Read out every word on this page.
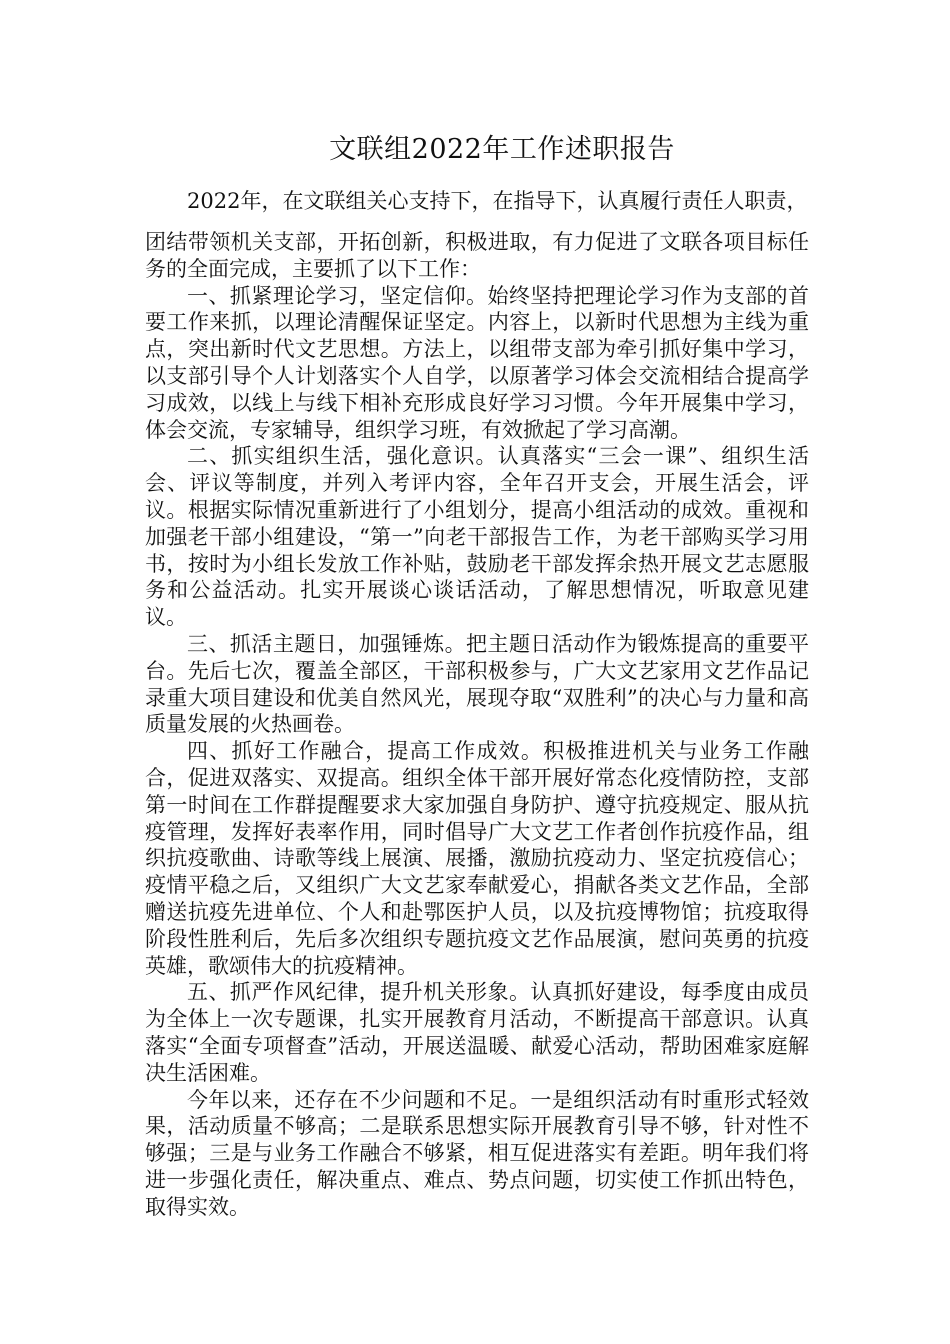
文联组2022年工作述职报告

2022年，在文联组关心支持下，在指导下，认真履行责任人职责，

团结带领机关支部，开拓创新，积极进取，有力促进了文联各项目标任务的全面完成，主要抓了以下工作：

一、抓紧理论学习，坚定信仰。始终坚持把理论学习作为支部的首要工作来抓，以理论清醒保证坚定。内容上，以新时代思想为主线为重点，突出新时代文艺思想。方法上，以组带支部为牵引抓好集中学习，以支部引导个人计划落实个人自学，以原著学习体会交流相结合提高学习成效，以线上与线下相补充形成良好学习习惯。今年开展集中学习，体会交流，专家辅导，组织学习班，有效掀起了学习高潮。

二、抓实组织生活，强化意识。认真落实“三会一课”、组织生活会、评议等制度，并列入考评内容，全年召开支会，开展生活会，评议。根据实际情况重新进行了小组划分，提高小组活动的成效。重视和加强老干部小组建设，“第一”向老干部报告工作，为老干部购买学习用书，按时为小组长发放工作补贴，鼓励老干部发挥余热开展文艺志愿服务和公益活动。扎实开展谈心谈话活动，了解思想情况，听取意见建议。

三、抓活主题日，加强锤炼。把主题日活动作为锻炼提高的重要平台。先后七次，覆盖全部区，干部积极参与，广大文艺家用文艺作品记录重大项目建设和优美自然风光，展现夺取“双胜利”的决心与力量和高质量发展的火热画卷。

四、抓好工作融合，提高工作成效。积极推进机关与业务工作融合，促进双落实、双提高。组织全体干部开展好常态化疫情防控，支部第一时间在工作群提醒要求大家加强自身防护、遵守抗疫规定、服从抗疫管理，发挥好表率作用，同时倡导广大文艺工作者创作抗疫作品，组织抗疫歌曲、诗歌等线上展演、展播，激励抗疫动力、坚定抗疫信心；疫情平稳之后，又组织广大文艺家奉献爱心，捐献各类文艺作品，全部赠送抗疫先进单位、个人和赴鄂医护人员，以及抗疫博物馆；抗疫取得阶段性胜利后，先后多次组织专题抗疫文艺作品展演，慰问英勇的抗疫英雄，歌颂伟大的抗疫精神。

五、抓严作风纪律，提升机关形象。认真抓好建设，每季度由成员为全体上一次专题课，扎实开展教育月活动，不断提高干部意识。认真落实“全面专项督查”活动，开展送温暖、献爱心活动，帮助困难家庭解决生活困难。

今年以来，还存在不少问题和不足。一是组织活动有时重形式轻效果，活动质量不够高；二是联系思想实际开展教育引导不够，针对性不够强；三是与业务工作融合不够紧，相互促进落实有差距。明年我们将进一步强化责任，解决重点、难点、势点问题，切实使工作抓出特色，取得实效。
